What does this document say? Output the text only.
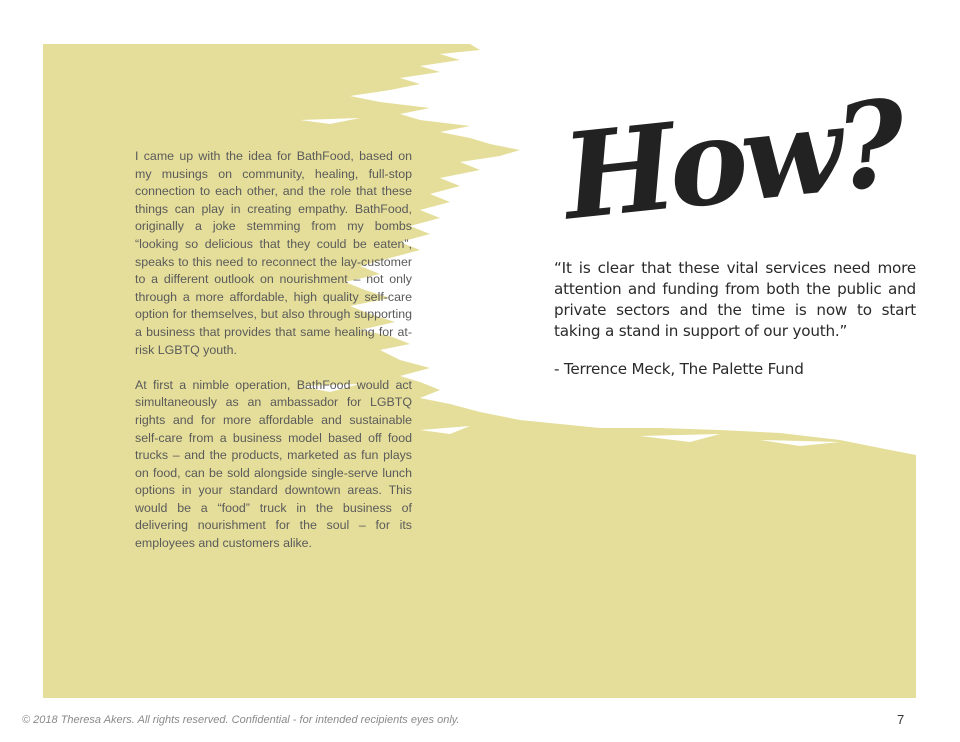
I came up with the idea for BathFood, based on my musings on community, healing, full-stop connection to each other, and the role that these things can play in creating empathy. BathFood, originally a joke stemming from my bombs “looking so delicious that they could be eaten”, speaks to this need to reconnect the lay-customer to a different outlook on nourishment – not only through a more affordable, high quality self-care option for themselves, but also through supporting a business that provides that same healing for at-risk LGBTQ youth.

At first a nimble operation, BathFood would act simultaneously as an ambassador for LGBTQ rights and for more affordable and sustainable self-care from a business model based off food trucks – and the products, marketed as fun plays on food, can be sold alongside single-serve lunch options in your standard downtown areas. This would be a “food” truck in the business of delivering nourishment for the soul – for its employees and customers alike.

How?
“It is clear that these vital services need more attention and funding from both the public and private sectors and the time is now to start taking a stand in support of our youth.”
- Terrence Meck, The Palette Fund
© 2018 Theresa Akers. All rights reserved. Confidential - for intended recipients eyes only.	7
